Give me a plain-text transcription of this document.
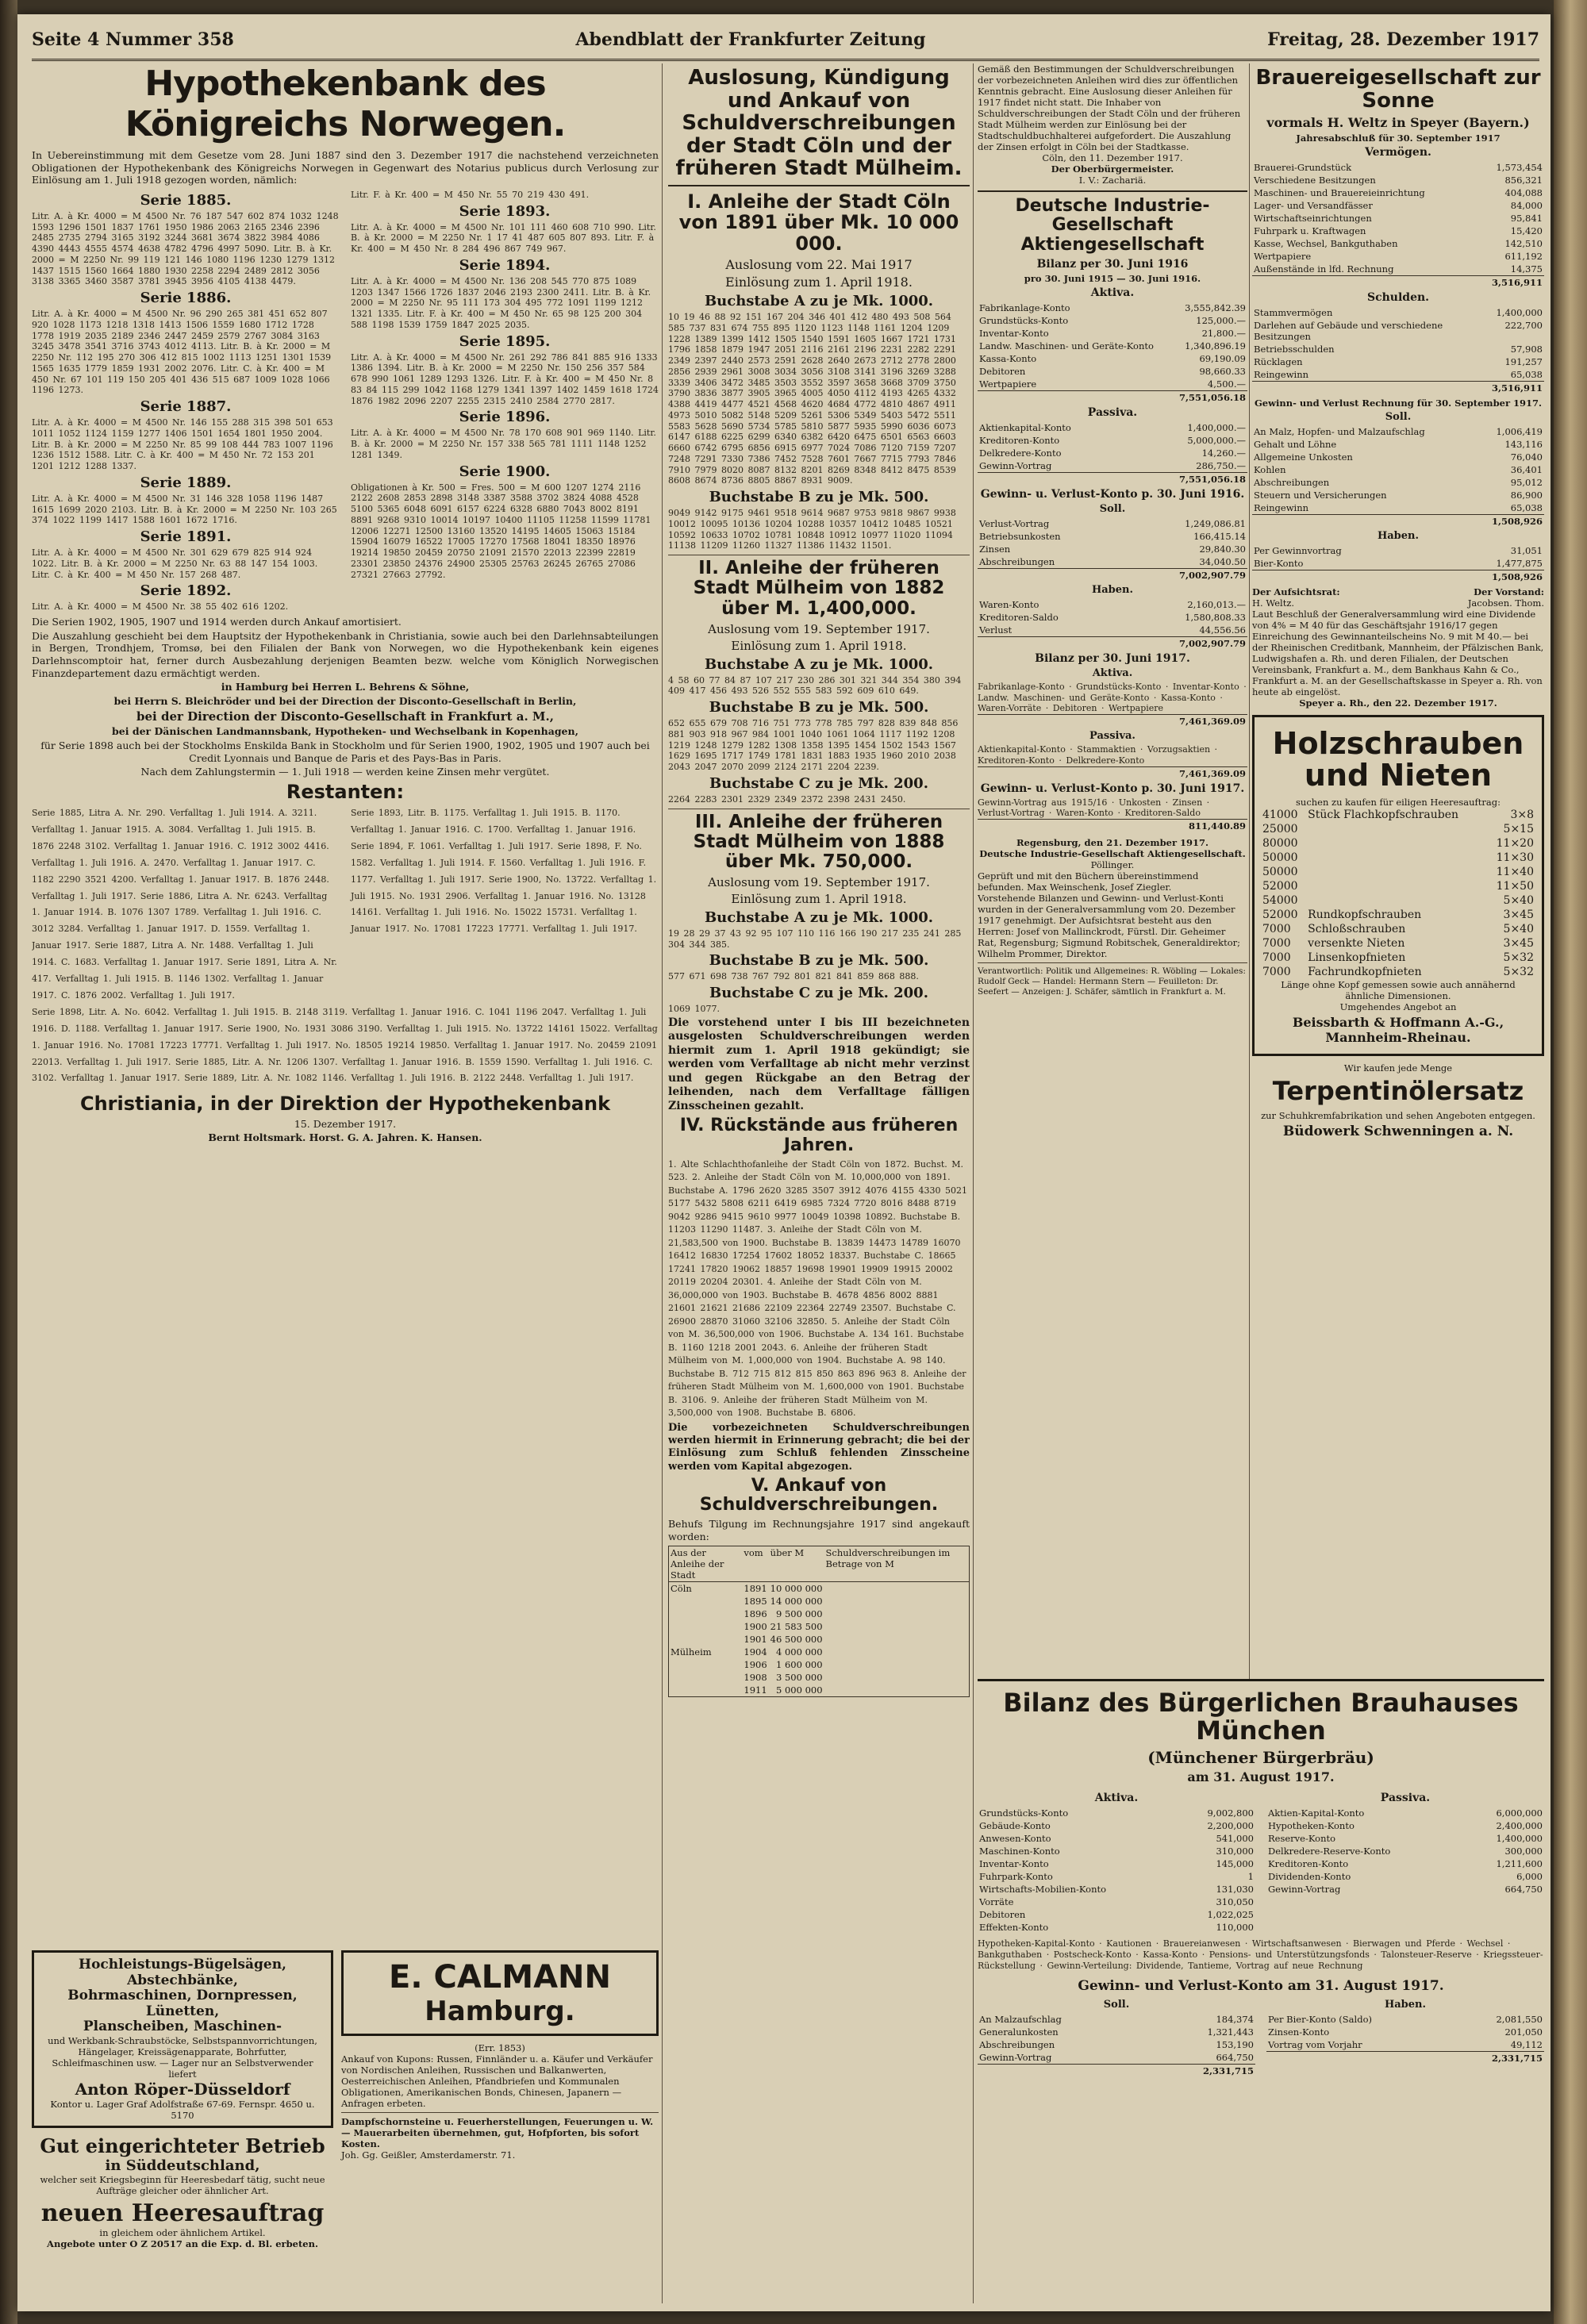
Seite 4 Nummer 358	Abendblatt der Frankfurter Zeitung	Freitag, 28. Dezember 1917
Hypothekenbank des Königreichs Norwegen.
In Uebereinstimmung mit dem Gesetze vom 28. Juni 1887 sind den 3. Dezember 1917 die nachstehend verzeichneten Obligationen der Hypothekenbank des Königreichs Norwegen in Gegenwart des Notarius publicus durch Verlosung zur Einlösung am 1. Juli 1918 gezogen worden, nämlich:
Serie 1885.
Litr. A. à Kr. 4000 = M 4500 Nr. 76 187 547 602 874 1032 1248 1593 1296 1501 1837 1761 1950 1986 2063 2165 2346 2396 2485 2735 2794 3165 3192 3244 3681 3674 3822 3984 4086 4390 4443 4555 4574 4638 4782 4796 4997 5090. Litr. B. à Kr. 2000 = M 2250 Nr. 99 119 121 146 1080 1196 1230 1279 1312 1437 1515 1560 1664 1880 1930 2258 2294 2489 2812 3056 3138 3365 3460 3587 3781 3945 3956 4105 4138 4479.
Serie 1886.
Litr. A. à Kr. 4000 = M 4500 Nr. 96 290 265 381 451 652 807 920 1028 1173 1218 1318 1413 1506 1559 1680 1712 1728 1778 1919 2035 2189 2346 2447 2459 2579 2767 3084 3163 3245 3478 3541 3716 3743 4012 4113. Litr. B. à Kr. 2000 = M 2250 Nr. 112 195 270 306 412 815 1002 1113 1251 1301 1539 1565 1635 1779 1859 1931 2002 2076. Litr. C. à Kr. 400 = M 450 Nr. 67 101 119 150 205 401 436 515 687 1009 1028 1066 1196 1273.
Serie 1887.
Litr. A. à Kr. 4000 = M 4500 Nr. 146 155 288 315 398 501 653 1011 1052 1124 1159 1277 1406 1501 1654 1801 1950 2004. Litr. B. à Kr. 2000 = M 2250 Nr. 85 99 108 444 783 1007 1196 1236 1512 1588. Litr. C. à Kr. 400 = M 450 Nr. 72 153 201 1201 1212 1288 1337.
Serie 1889.
Litr. A. à Kr. 4000 = M 4500 Nr. 31 146 328 1058 1196 1487 1615 1699 2020 2103. Litr. B. à Kr. 2000 = M 2250 Nr. 103 265 374 1022 1199 1417 1588 1601 1672 1716.
Serie 1891.
Litr. A. à Kr. 4000 = M 4500 Nr. 301 629 679 825 914 924 1022. Litr. B. à Kr. 2000 = M 2250 Nr. 63 88 147 154 1003. Litr. C. à Kr. 400 = M 450 Nr. 157 268 487.
Serie 1892.
Litr. A. à Kr. 4000 = M 4500 Nr. 38 55 402 616 1202.
Litr. F. à Kr. 400 = M 450 Nr. 55 70 219 430 491.
Serie 1893.
Litr. A. à Kr. 4000 = M 4500 Nr. 101 111 460 608 710 990. Litr. B. à Kr. 2000 = M 2250 Nr. 1 17 41 487 605 807 893. Litr. F. à Kr. 400 = M 450 Nr. 8 284 496 867 749 967.
Serie 1894.
Litr. A. à Kr. 4000 = M 4500 Nr. 136 208 545 770 875 1089 1203 1347 1566 1726 1837 2046 2193 2300 2411. Litr. B. à Kr. 2000 = M 2250 Nr. 95 111 173 304 495 772 1091 1199 1212 1321 1335. Litr. F. à Kr. 400 = M 450 Nr. 65 98 125 200 304 588 1198 1539 1759 1847 2025 2035.
Serie 1895.
Litr. A. à Kr. 4000 = M 4500 Nr. 261 292 786 841 885 916 1333 1386 1394. Litr. B. à Kr. 2000 = M 2250 Nr. 150 256 357 584 678 990 1061 1289 1293 1326. Litr. F. à Kr. 400 = M 450 Nr. 8 83 84 115 299 1042 1168 1279 1341 1397 1402 1459 1618 1724 1876 1982 2096 2207 2255 2315 2410 2584 2770 2817.
Serie 1896.
Litr. A. à Kr. 4000 = M 4500 Nr. 78 170 608 901 969 1140. Litr. B. à Kr. 2000 = M 2250 Nr. 157 338 565 781 1111 1148 1252 1281 1349.
Serie 1900.
Obligationen à Kr. 500 = Fres. 500 = M 600 1207 1274 2116 2122 2608 2853 2898 3148 3387 3588 3702 3824 4088 4528 5100 5365 6048 6091 6157 6224 6328 6880 7043 8002 8191 8891 9268 9310 10014 10197 10400 11105 11258 11599 11781 12006 12271 12500 13160 13520 14195 14605 15063 15184 15904 16079 16522 17005 17270 17568 18041 18350 18976 19214 19850 20459 20750 21091 21570 22013 22399 22819 23301 23850 24376 24900 25305 25763 26245 26765 27086 27321 27663 27792.
Die Serien 1902, 1905, 1907 und 1914 werden durch Ankauf amortisiert.
Die Auszahlung geschieht bei dem Hauptsitz der Hypothekenbank in Christiania, sowie auch bei den Darlehnsabteilungen in Bergen, Trondhjem, Tromsø, bei den Filialen der Bank von Norwegen, wo die Hypothekenbank kein eigenes Darlehnscomptoir hat, ferner durch Ausbezahlung derjenigen Beamten bezw. welche vom Königlich Norwegischen Finanzdepartement dazu ermächtigt werden.
in Hamburg bei Herren L. Behrens & Söhne,
bei Herrn S. Bleichröder und bei der Direction der Disconto-Gesellschaft in Berlin,
bei der Direction der Disconto-Gesellschaft in Frankfurt a. M.,
bei der Dänischen Landmannsbank, Hypotheken- und Wechselbank in Kopenhagen,
für Serie 1898 auch bei der Stockholms Enskilda Bank in Stockholm und für Serien 1900, 1902, 1905 und 1907 auch bei Credit Lyonnais und Banque de Paris et des Pays-Bas in Paris.
Nach dem Zahlungstermin — 1. Juli 1918 — werden keine Zinsen mehr vergütet.
Restanten:
Serie 1885, Litra A. Nr. 290. Verfalltag 1. Juli 1914. A. 3211. Verfalltag 1. Januar 1915. A. 3084. Verfalltag 1. Juli 1915. B. 1876 2248 3102. Verfalltag 1. Januar 1916. C. 1912 3002 4416. Verfalltag 1. Juli 1916. A. 2470. Verfalltag 1. Januar 1917. C. 1182 2290 3521 4200. Verfalltag 1. Januar 1917. B. 1876 2448. Verfalltag 1. Juli 1917. Serie 1886, Litra A. Nr. 6243. Verfalltag 1. Januar 1914. B. 1076 1307 1789. Verfalltag 1. Juli 1916. C. 3012 3284. Verfalltag 1. Januar 1917. D. 1559. Verfalltag 1. Januar 1917. Serie 1887, Litra A. Nr. 1488. Verfalltag 1. Juli 1914. C. 1683. Verfalltag 1. Januar 1917. Serie 1891, Litra A. Nr. 417. Verfalltag 1. Juli 1915. B. 1146 1302. Verfalltag 1. Januar 1917. C. 1876 2002. Verfalltag 1. Juli 1917.
Serie 1893, Litr. B. 1175. Verfalltag 1. Juli 1915. B. 1170. Verfalltag 1. Januar 1916. C. 1700. Verfalltag 1. Januar 1916. Serie 1894, F. 1061. Verfalltag 1. Juli 1917. Serie 1898, F. No. 1582. Verfalltag 1. Juli 1914. F. 1560. Verfalltag 1. Juli 1916. F. 1177. Verfalltag 1. Juli 1917. Serie 1900, No. 13722. Verfalltag 1. Juli 1915. No. 1931 2906. Verfalltag 1. Januar 1916. No. 13128 14161. Verfalltag 1. Juli 1916. No. 15022 15731. Verfalltag 1. Januar 1917. No. 17081 17223 17771. Verfalltag 1. Juli 1917.
Serie 1898, Litr. A. No. 6042. Verfalltag 1. Juli 1915. B. 2148 3119. Verfalltag 1. Januar 1916. C. 1041 1196 2047. Verfalltag 1. Juli 1916. D. 1188. Verfalltag 1. Januar 1917. Serie 1900, No. 1931 3086 3190. Verfalltag 1. Juli 1915. No. 13722 14161 15022. Verfalltag 1. Januar 1916. No. 17081 17223 17771. Verfalltag 1. Juli 1917. No. 18505 19214 19850. Verfalltag 1. Januar 1917. No. 20459 21091 22013. Verfalltag 1. Juli 1917. Serie 1885, Litr. A. Nr. 1206 1307. Verfalltag 1. Januar 1916. B. 1559 1590. Verfalltag 1. Juli 1916. C. 3102. Verfalltag 1. Januar 1917. Serie 1889, Litr. A. Nr. 1082 1146. Verfalltag 1. Juli 1916. B. 2122 2448. Verfalltag 1. Juli 1917.
Christiania, in der Direktion der Hypothekenbank
15. Dezember 1917.
Bernt Holtsmark. Horst. G. A. Jahren. K. Hansen.
Hochleistungs-Bügelsägen, Abstechbänke,
Bohrmaschinen, Dornpressen, Lünetten,
Planscheiben, Maschinen-
und Werkbank-Schraubstöcke, Selbstspannvorrichtungen, Hängelager, Kreissägenapparate, Bohrfutter, Schleifmaschinen usw. — Lager nur an Selbstverwender liefert
Anton Röper-Düsseldorf
Kontor u. Lager Graf Adolfstraße 67-69. Fernspr. 4650 u. 5170
Gut eingerichteter Betrieb
in Süddeutschland,
welcher seit Kriegsbeginn für Heeresbedarf tätig, sucht neue Aufträge gleicher oder ähnlicher Art.
neuen Heeresauftrag
in gleichem oder ähnlichem Artikel.
Angebote unter O Z 20517 an die Exp. d. Bl. erbeten.
E. CALMANN
Hamburg.
(Err. 1853)
Ankauf von Kupons: Russen, Finnländer u. a. Käufer und Verkäufer von Nordischen Anleihen, Russischen und Balkanwerten, Oesterreichischen Anleihen, Pfandbriefen und Kommunalen Obligationen, Amerikanischen Bonds, Chinesen, Japanern — Anfragen erbeten.
Dampfschornsteine u. Feuerherstellungen, Feuerungen u. W. — Mauerarbeiten übernehmen, gut, Hofpforten, bis sofort Kosten.
Joh. Gg. Geißler, Amsterdamerstr. 71.
Auslosung, Kündigung und Ankauf von Schuldverschreibungen der Stadt Cöln und der früheren Stadt Mülheim.
I. Anleihe der Stadt Cöln von 1891 über Mk. 10 000 000.
Auslosung vom 22. Mai 1917
Einlösung zum 1. April 1918.
Buchstabe A zu je Mk. 1000.
10 19 46 88 92 151 167 204 346 401 412 480 493 508 564 585 737 831 674 755 895 1120 1123 1148 1161 1204 1209 1228 1389 1399 1412 1505 1540 1591 1605 1667 1721 1731 1796 1858 1879 1947 2051 2116 2161 2196 2231 2282 2291 2349 2397 2440 2573 2591 2628 2640 2673 2712 2778 2800 2856 2939 2961 3008 3034 3056 3108 3141 3196 3269 3288 3339 3406 3472 3485 3503 3552 3597 3658 3668 3709 3750 3790 3836 3877 3905 3965 4005 4050 4112 4193 4265 4332 4388 4419 4477 4521 4568 4620 4684 4772 4810 4867 4911 4973 5010 5082 5148 5209 5261 5306 5349 5403 5472 5511 5583 5628 5690 5734 5785 5810 5877 5935 5990 6036 6073 6147 6188 6225 6299 6340 6382 6420 6475 6501 6563 6603 6660 6742 6795 6856 6915 6977 7024 7086 7120 7159 7207 7248 7291 7330 7386 7452 7528 7601 7667 7715 7793 7846 7910 7979 8020 8087 8132 8201 8269 8348 8412 8475 8539 8608 8674 8736 8805 8867 8931 9009.
Buchstabe B zu je Mk. 500.
9049 9142 9175 9461 9518 9614 9687 9753 9818 9867 9938 10012 10095 10136 10204 10288 10357 10412 10485 10521 10592 10633 10702 10781 10848 10912 10977 11020 11094 11138 11209 11260 11327 11386 11432 11501.
II. Anleihe der früheren Stadt Mülheim von 1882 über M. 1,400,000.
Auslosung vom 19. September 1917.
Einlösung zum 1. April 1918.
Buchstabe A zu je Mk. 1000.
4 58 60 77 84 87 107 217 230 286 301 321 344 354 380 394 409 417 456 493 526 552 555 583 592 609 610 649.
Buchstabe B zu je Mk. 500.
652 655 679 708 716 751 773 778 785 797 828 839 848 856 881 903 918 967 984 1001 1040 1061 1064 1117 1192 1208 1219 1248 1279 1282 1308 1358 1395 1454 1502 1543 1567 1629 1695 1717 1749 1781 1831 1883 1935 1960 2010 2038 2043 2047 2070 2099 2124 2171 2204 2239.
Buchstabe C zu je Mk. 200.
2264 2283 2301 2329 2349 2372 2398 2431 2450.
III. Anleihe der früheren Stadt Mülheim von 1888 über Mk. 750,000.
Auslosung vom 19. September 1917.
Einlösung zum 1. April 1918.
Buchstabe A zu je Mk. 1000.
19 28 29 37 43 92 95 107 110 116 166 190 217 235 241 285 304 344 385.
Buchstabe B zu je Mk. 500.
577 671 698 738 767 792 801 821 841 859 868 888.
Buchstabe C zu je Mk. 200.
1069 1077.
Die vorstehend unter I bis III bezeichneten ausgelosten Schuldverschreibungen werden hiermit zum 1. April 1918 gekündigt; sie werden vom Verfalltage ab nicht mehr verzinst und gegen Rückgabe an den Betrag der leihenden, nach dem Verfalltage fälligen Zinsscheinen gezahlt.
IV. Rückstände aus früheren Jahren.
1. Alte Schlachthofanleihe der Stadt Cöln von 1872. Buchst. M. 523. 2. Anleihe der Stadt Cöln von M. 10,000,000 von 1891. Buchstabe A. 1796 2620 3285 3507 3912 4076 4155 4330 5021 5177 5432 5808 6211 6419 6985 7324 7720 8016 8488 8719 9042 9286 9415 9610 9977 10049 10398 10892. Buchstabe B. 11203 11290 11487. 3. Anleihe der Stadt Cöln von M. 21,583,500 von 1900. Buchstabe B. 13839 14473 14789 16070 16412 16830 17254 17602 18052 18337. Buchstabe C. 18665 17241 17820 19062 18857 19698 19901 19909 19915 20002 20119 20204 20301. 4. Anleihe der Stadt Cöln von M. 36,000,000 von 1903. Buchstabe B. 4678 4856 8002 8881 21601 21621 21686 22109 22364 22749 23507. Buchstabe C. 26900 28870 31060 32106 32850. 5. Anleihe der Stadt Cöln von M. 36,500,000 von 1906. Buchstabe A. 134 161. Buchstabe B. 1160 1218 2001 2043. 6. Anleihe der früheren Stadt Mülheim von M. 1,000,000 von 1904. Buchstabe A. 98 140. Buchstabe B. 712 715 812 815 850 863 896 963 8. Anleihe der früheren Stadt Mülheim von M. 1,600,000 von 1901. Buchstabe B. 3106. 9. Anleihe der früheren Stadt Mülheim von M. 3,500,000 von 1908. Buchstabe B. 6806.
Die vorbezeichneten Schuldverschreibungen werden hiermit in Erinnerung gebracht; die bei der Einlösung zum Schluß fehlenden Zinsscheine werden vom Kapital abgezogen.
V. Ankauf von Schuldverschreibungen.
Behufs Tilgung im Rechnungsjahre 1917 sind angekauft worden:
Aus der Anleihe der Stadt	vom	über M	Schuldverschreibungen im Betrage von M
Cöln	1891	10 000 000	
	1895	14 000 000	
	1896	9 500 000	
	1900	21 583 500	
	1901	46 500 000	
Mülheim	1904	4 000 000	
	1906	1 600 000	
	1908	3 500 000	
	1911	5 000 000	
Gemäß den Bestimmungen der Schuldverschreibungen der vorbezeichneten Anleihen wird dies zur öffentlichen Kenntnis gebracht. Eine Auslosung dieser Anleihen für 1917 findet nicht statt. Die Inhaber von Schuldverschreibungen der Stadt Cöln und der früheren Stadt Mülheim werden zur Einlösung bei der Stadtschuldbuchhalterei aufgefordert. Die Auszahlung der Zinsen erfolgt in Cöln bei der Stadtkasse.
Cöln, den 11. Dezember 1917.
Der Oberbürgermeister.
I. V.: Zachariä.
Deutsche Industrie-Gesellschaft Aktiengesellschaft
Bilanz per 30. Juni 1916
pro 30. Juni 1915 — 30. Juni 1916.
Aktiva.
Fabrikanlage-Konto	3,555,842.39
Grundstücks-Konto	125,000.—
Inventar-Konto	21,800.—
Landw. Maschinen- und Geräte-Konto	1,340,896.19
Kassa-Konto	69,190.09
Debitoren	98,660.33
Wertpapiere	4,500.—
	7,551,056.18
Passiva.
Aktienkapital-Konto	1,400,000.—
Kreditoren-Konto	5,000,000.—
Delkredere-Konto	14,260.—
Gewinn-Vortrag	286,750.—
	7,551,056.18
Gewinn- u. Verlust-Konto p. 30. Juni 1916.
Soll.
Verlust-Vortrag	1,249,086.81
Betriebsunkosten	166,415.14
Zinsen	29,840.30
Abschreibungen	34,040.50
	7,002,907.79
Haben.
Waren-Konto	2,160,013.—
Kreditoren-Saldo	1,580,808.33
Verlust	44,556.56
	7,002,907.79
Bilanz per 30. Juni 1917.
Aktiva.
Fabrikanlage-Konto · Grundstücks-Konto · Inventar-Konto · Landw. Maschinen- und Geräte-Konto · Kassa-Konto · Waren-Vorräte · Debitoren · Wertpapiere
	7,461,369.09
Passiva.
Aktienkapital-Konto · Stammaktien · Vorzugsaktien · Kreditoren-Konto · Delkredere-Konto
	7,461,369.09
Gewinn- u. Verlust-Konto p. 30. Juni 1917.
Gewinn-Vortrag aus 1915/16 · Unkosten · Zinsen · Verlust-Vortrag · Waren-Konto · Kreditoren-Saldo
	811,440.89
Regensburg, den 21. Dezember 1917.
Deutsche Industrie-Gesellschaft Aktiengesellschaft.
Pöllinger.
Geprüft und mit den Büchern übereinstimmend befunden. Max Weinschenk, Josef Ziegler.
Vorstehende Bilanzen und Gewinn- und Verlust-Konti wurden in der Generalversammlung vom 20. Dezember 1917 genehmigt. Der Aufsichtsrat besteht aus den Herren: Josef von Mallinckrodt, Fürstl. Dir. Geheimer Rat, Regensburg; Sigmund Robitschek, Generaldirektor; Wilhelm Prommer, Direktor.
Verantwortlich: Politik und Allgemeines: R. Wöbling — Lokales: Rudolf Geck — Handel: Hermann Stern — Feuilleton: Dr. Seefert — Anzeigen: J. Schäfer, sämtlich in Frankfurt a. M.
Brauereigesellschaft zur Sonne
vormals H. Weltz in Speyer (Bayern.)
Jahresabschluß für 30. September 1917
Vermögen.
Brauerei-Grundstück	1,573,454
Verschiedene Besitzungen	856,321
Maschinen- und Brauereieinrichtung	404,088
Lager- und Versandfässer	84,000
Wirtschaftseinrichtungen	95,841
Fuhrpark u. Kraftwagen	15,420
Kasse, Wechsel, Bankguthaben	142,510
Wertpapiere	611,192
Außenstände in lfd. Rechnung	14,375
	3,516,911
Schulden.
Stammvermögen	1,400,000
Darlehen auf Gebäude und verschiedene Besitzungen	222,700
Betriebsschulden	57,908
Rücklagen	191,257
Reingewinn	65,038
	3,516,911
Gewinn- und Verlust Rechnung für 30. September 1917.
Soll.
An Malz, Hopfen- und Malzaufschlag	1,006,419
Gehalt und Löhne	143,116
Allgemeine Unkosten	76,040
Kohlen	36,401
Abschreibungen	95,012
Steuern und Versicherungen	86,900
Reingewinn	65,038
	1,508,926
Haben.
Per Gewinnvortrag	31,051
Bier-Konto	1,477,875
	1,508,926
Der Aufsichtsrat:	Der Vorstand:
H. Weltz.	Jacobsen. Thom.
Laut Beschluß der Generalversammlung wird eine Dividende von 4% = M 40 für das Geschäftsjahr 1916/17 gegen Einreichung des Gewinnanteilscheins No. 9 mit M 40.— bei der Rheinischen Creditbank, Mannheim, der Pfälzischen Bank, Ludwigshafen a. Rh. und deren Filialen, der Deutschen Vereinsbank, Frankfurt a. M., dem Bankhaus Kahn & Co., Frankfurt a. M. an der Gesellschaftskasse in Speyer a. Rh. von heute ab eingelöst.
Speyer a. Rh., den 22. Dezember 1917.
Holzschrauben und Nieten
suchen zu kaufen für eiligen Heeresauftrag:
41000	Stück Flachkopfschrauben	3×8
25000		5×15
80000		11×20
50000		11×30
50000		11×40
52000		11×50
54000		5×40
52000	Rundkopfschrauben	3×45
7000	Schloßschrauben	5×40
7000	versenkte Nieten	3×45
7000	Linsenkopfnieten	5×32
7000	Fachrundkopfnieten	5×32
Länge ohne Kopf gemessen sowie auch annähernd ähnliche Dimensionen.
Umgehendes Angebot an
Beissbarth & Hoffmann A.-G., Mannheim-Rheinau.
Wir kaufen jede Menge
Terpentinölersatz
zur Schuhkremfabrikation und sehen Angeboten entgegen.
Büdowerk Schwenningen a. N.
Bilanz des Bürgerlichen Brauhauses München
(Münchener Bürgerbräu)
am 31. August 1917.
Aktiva.
Grundstücks-Konto	9,002,800
Gebäude-Konto	2,200,000
Anwesen-Konto	541,000
Maschinen-Konto	310,000
Inventar-Konto	145,000
Fuhrpark-Konto	1
Wirtschafts-Mobilien-Konto	131,030
Vorräte	310,050
Debitoren	1,022,025
Effekten-Konto	110,000
Passiva.
Aktien-Kapital-Konto	6,000,000
Hypotheken-Konto	2,400,000
Reserve-Konto	1,400,000
Delkredere-Reserve-Konto	300,000
Kreditoren-Konto	1,211,600
Dividenden-Konto	6,000
Gewinn-Vortrag	664,750
Hypotheken-Kapital-Konto · Kautionen · Brauereianwesen · Wirtschaftsanwesen · Bierwagen und Pferde · Wechsel · Bankguthaben · Postscheck-Konto · Kassa-Konto · Pensions- und Unterstützungsfonds · Talonsteuer-Reserve · Kriegssteuer-Rückstellung · Gewinn-Verteilung: Dividende, Tantieme, Vortrag auf neue Rechnung
Gewinn- und Verlust-Konto am 31. August 1917.
Soll.
An Malzaufschlag	184,374
Generalunkosten	1,321,443
Abschreibungen	153,190
Gewinn-Vortrag	664,750
	2,331,715
Haben.
Per Bier-Konto (Saldo)	2,081,550
Zinsen-Konto	201,050
Vortrag vom Vorjahr	49,112
	2,331,715
